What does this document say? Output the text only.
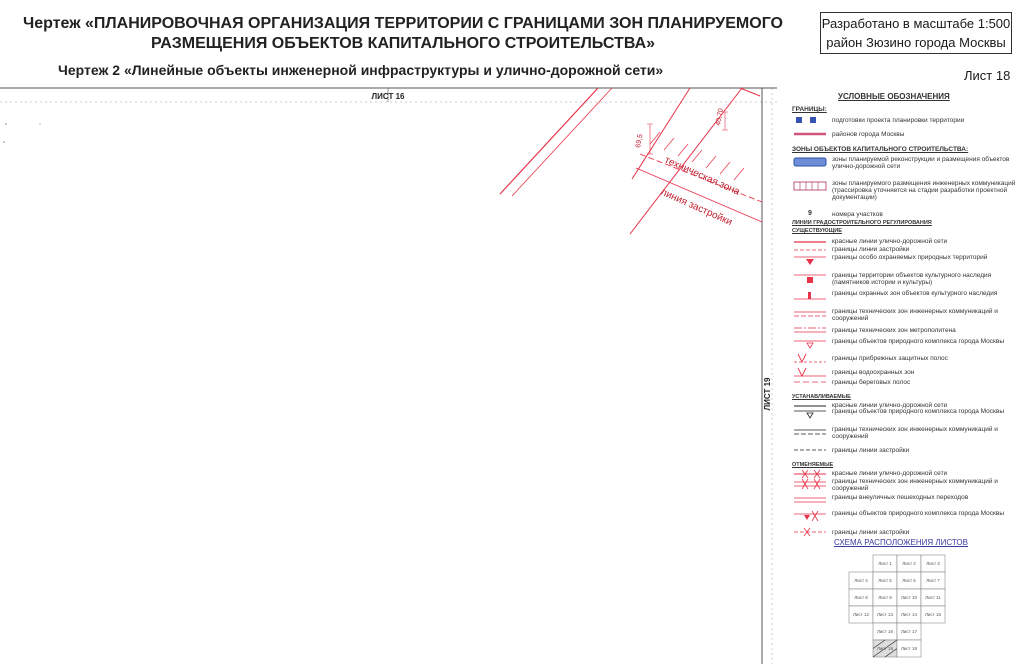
Чертеж «ПЛАНИРОВОЧНАЯ ОРГАНИЗАЦИЯ ТЕРРИТОРИИ С ГРАНИЦАМИ ЗОН ПЛАНИРУЕМОГО
РАЗМЕЩЕНИЯ ОБЪЕКТОВ КАПИТАЛЬНОГО СТРОИТЕЛЬСТВА»
Чертеж 2 «Линейные объекты инженерной инфраструктуры и улично-дорожной сети»
Разработано в масштабе 1:500
район Зюзино города Москвы
Лист 18
ЛИСТ 16
ЛИСТ 19
69,5
40,70
техническая зона
линия застройки
УСЛОВНЫЕ ОБОЗНАЧЕНИЯ
ГРАНИЦЫ:
подготовки проекта планировки территории
районов города Москвы
ЗОНЫ ОБЪЕКТОВ КАПИТАЛЬНОГО СТРОИТЕЛЬСТВА:
зоны планируемой реконструкции и размещения объектов улично-дорожной сети
зоны планируемого размещения инженерных коммуникаций (трассировка уточняется на стадии разработки проектной документации)
9	номера участков
ЛИНИИ ГРАДОСТРОИТЕЛЬНОГО РЕГУЛИРОВАНИЯ
СУЩЕСТВУЮЩИЕ
красные линии улично-дорожной сети
границы линии застройки
границы особо охраняемых природных территорий
границы территории объектов культурного наследия (памятников истории и культуры)
границы охранных зон объектов культурного наследия
границы технических зон инженерных коммуникаций и сооружений
границы технических зон метрополитена
границы объектов природного комплекса города Москвы
границы прибрежных защитных полос
границы водоохранных зон
границы береговых полос
УСТАНАВЛИВАЕМЫЕ
красные линии улично-дорожной сети
границы объектов природного комплекса города Москвы
границы технических зон инженерных коммуникаций и сооружений
границы линии застройки
ОТМЕНЯЕМЫЕ
красные линии улично-дорожной сети
границы технических зон инженерных коммуникаций и сооружений
границы внеуличных пешеходных переходов
границы объектов природного комплекса города Москвы
границы линии застройки
СХЕМА РАСПОЛОЖЕНИЯ ЛИСТОВ
Лист 1 Лист 2 Лист 3
Лист 4 Лист 5 Лист 6 Лист 7
Лист 8 Лист 9 Лист 10 Лист 11
Лист 12 Лист 13 Лист 14 Лист 15
Лист 16 Лист 17
Лист 18 Лист 19
